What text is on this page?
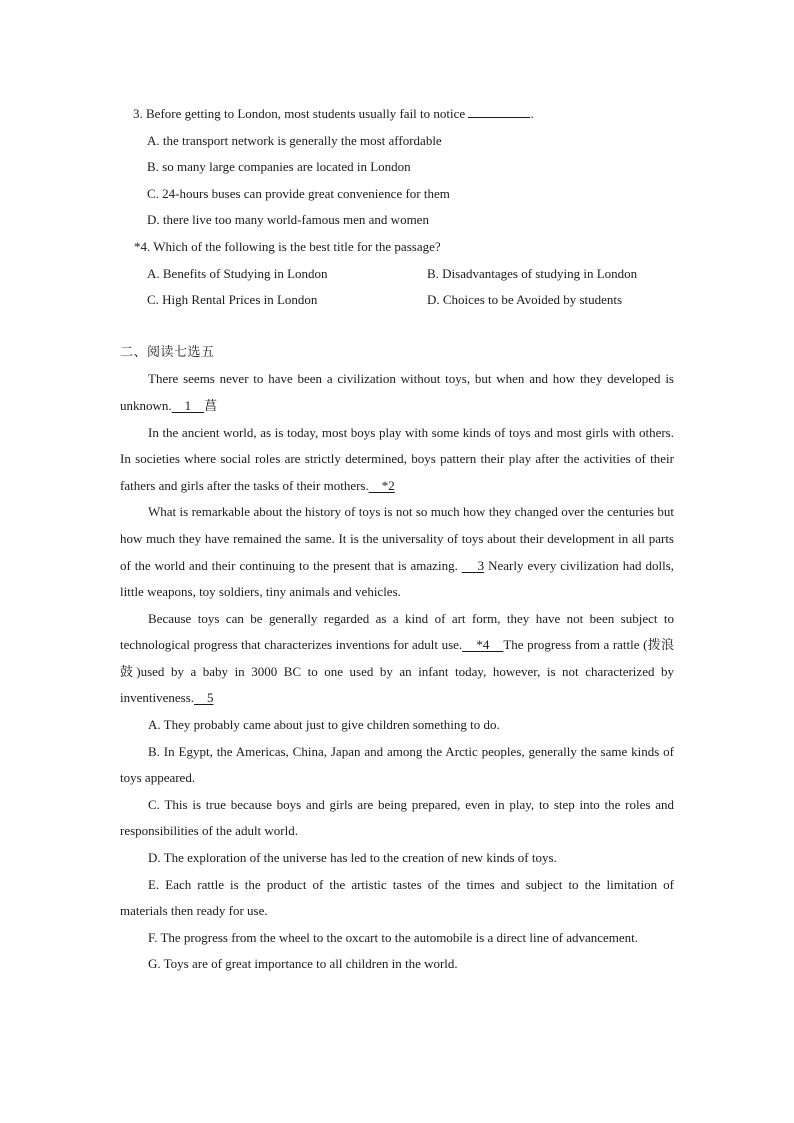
3. Before getting to London, most students usually fail to notice	.

A. the transport network is generally the most affordable

B. so many large companies are located in London

C. 24-hours buses can provide great convenience for them

D. there live too many world-famous men and women

*4. Which of the following is the best title for the passage?

A. Benefits of Studying in London	B. Disadvantages of studying in London
C. High Rental Prices in London	D. Choices to be Avoided by students

二、阅读七选五

There seems never to have been a civilization without toys, but when and how they developed is unknown.    1    菖

In the ancient world, as is today, most boys play with some kinds of toys and most girls with others. In societies where social roles are strictly determined, boys pattern their play after the activities of their fathers and girls after the tasks of their mothers.    *2

What is remarkable about the history of toys is not so much how they changed over the centuries but how much they have remained the same. It is the universality of toys about their development in all parts of the world and their continuing to the present that is amazing.     3 Nearly every civilization had dolls, little weapons, toy soldiers, tiny animals and vehicles.

Because toys can be generally regarded as a kind of art form, they have not been subject to technological progress that characterizes inventions for adult use.    *4    The progress from a rattle (拨浪鼓)used by a baby in 3000 BC to one used by an infant today, however, is not characterized by inventiveness.    5

A. They probably came about just to give children something to do.

B. In Egypt, the Americas, China, Japan and among the Arctic peoples, generally the same kinds of toys appeared.

C. This is true because boys and girls are being prepared, even in play, to step into the roles and responsibilities of the adult world.

D. The exploration of the universe has led to the creation of new kinds of toys.

E. Each rattle is the product of the artistic tastes of the times and subject to the limitation of materials then ready for use.

F. The progress from the wheel to the oxcart to the automobile is a direct line of advancement.

G. Toys are of great importance to all children in the world.
